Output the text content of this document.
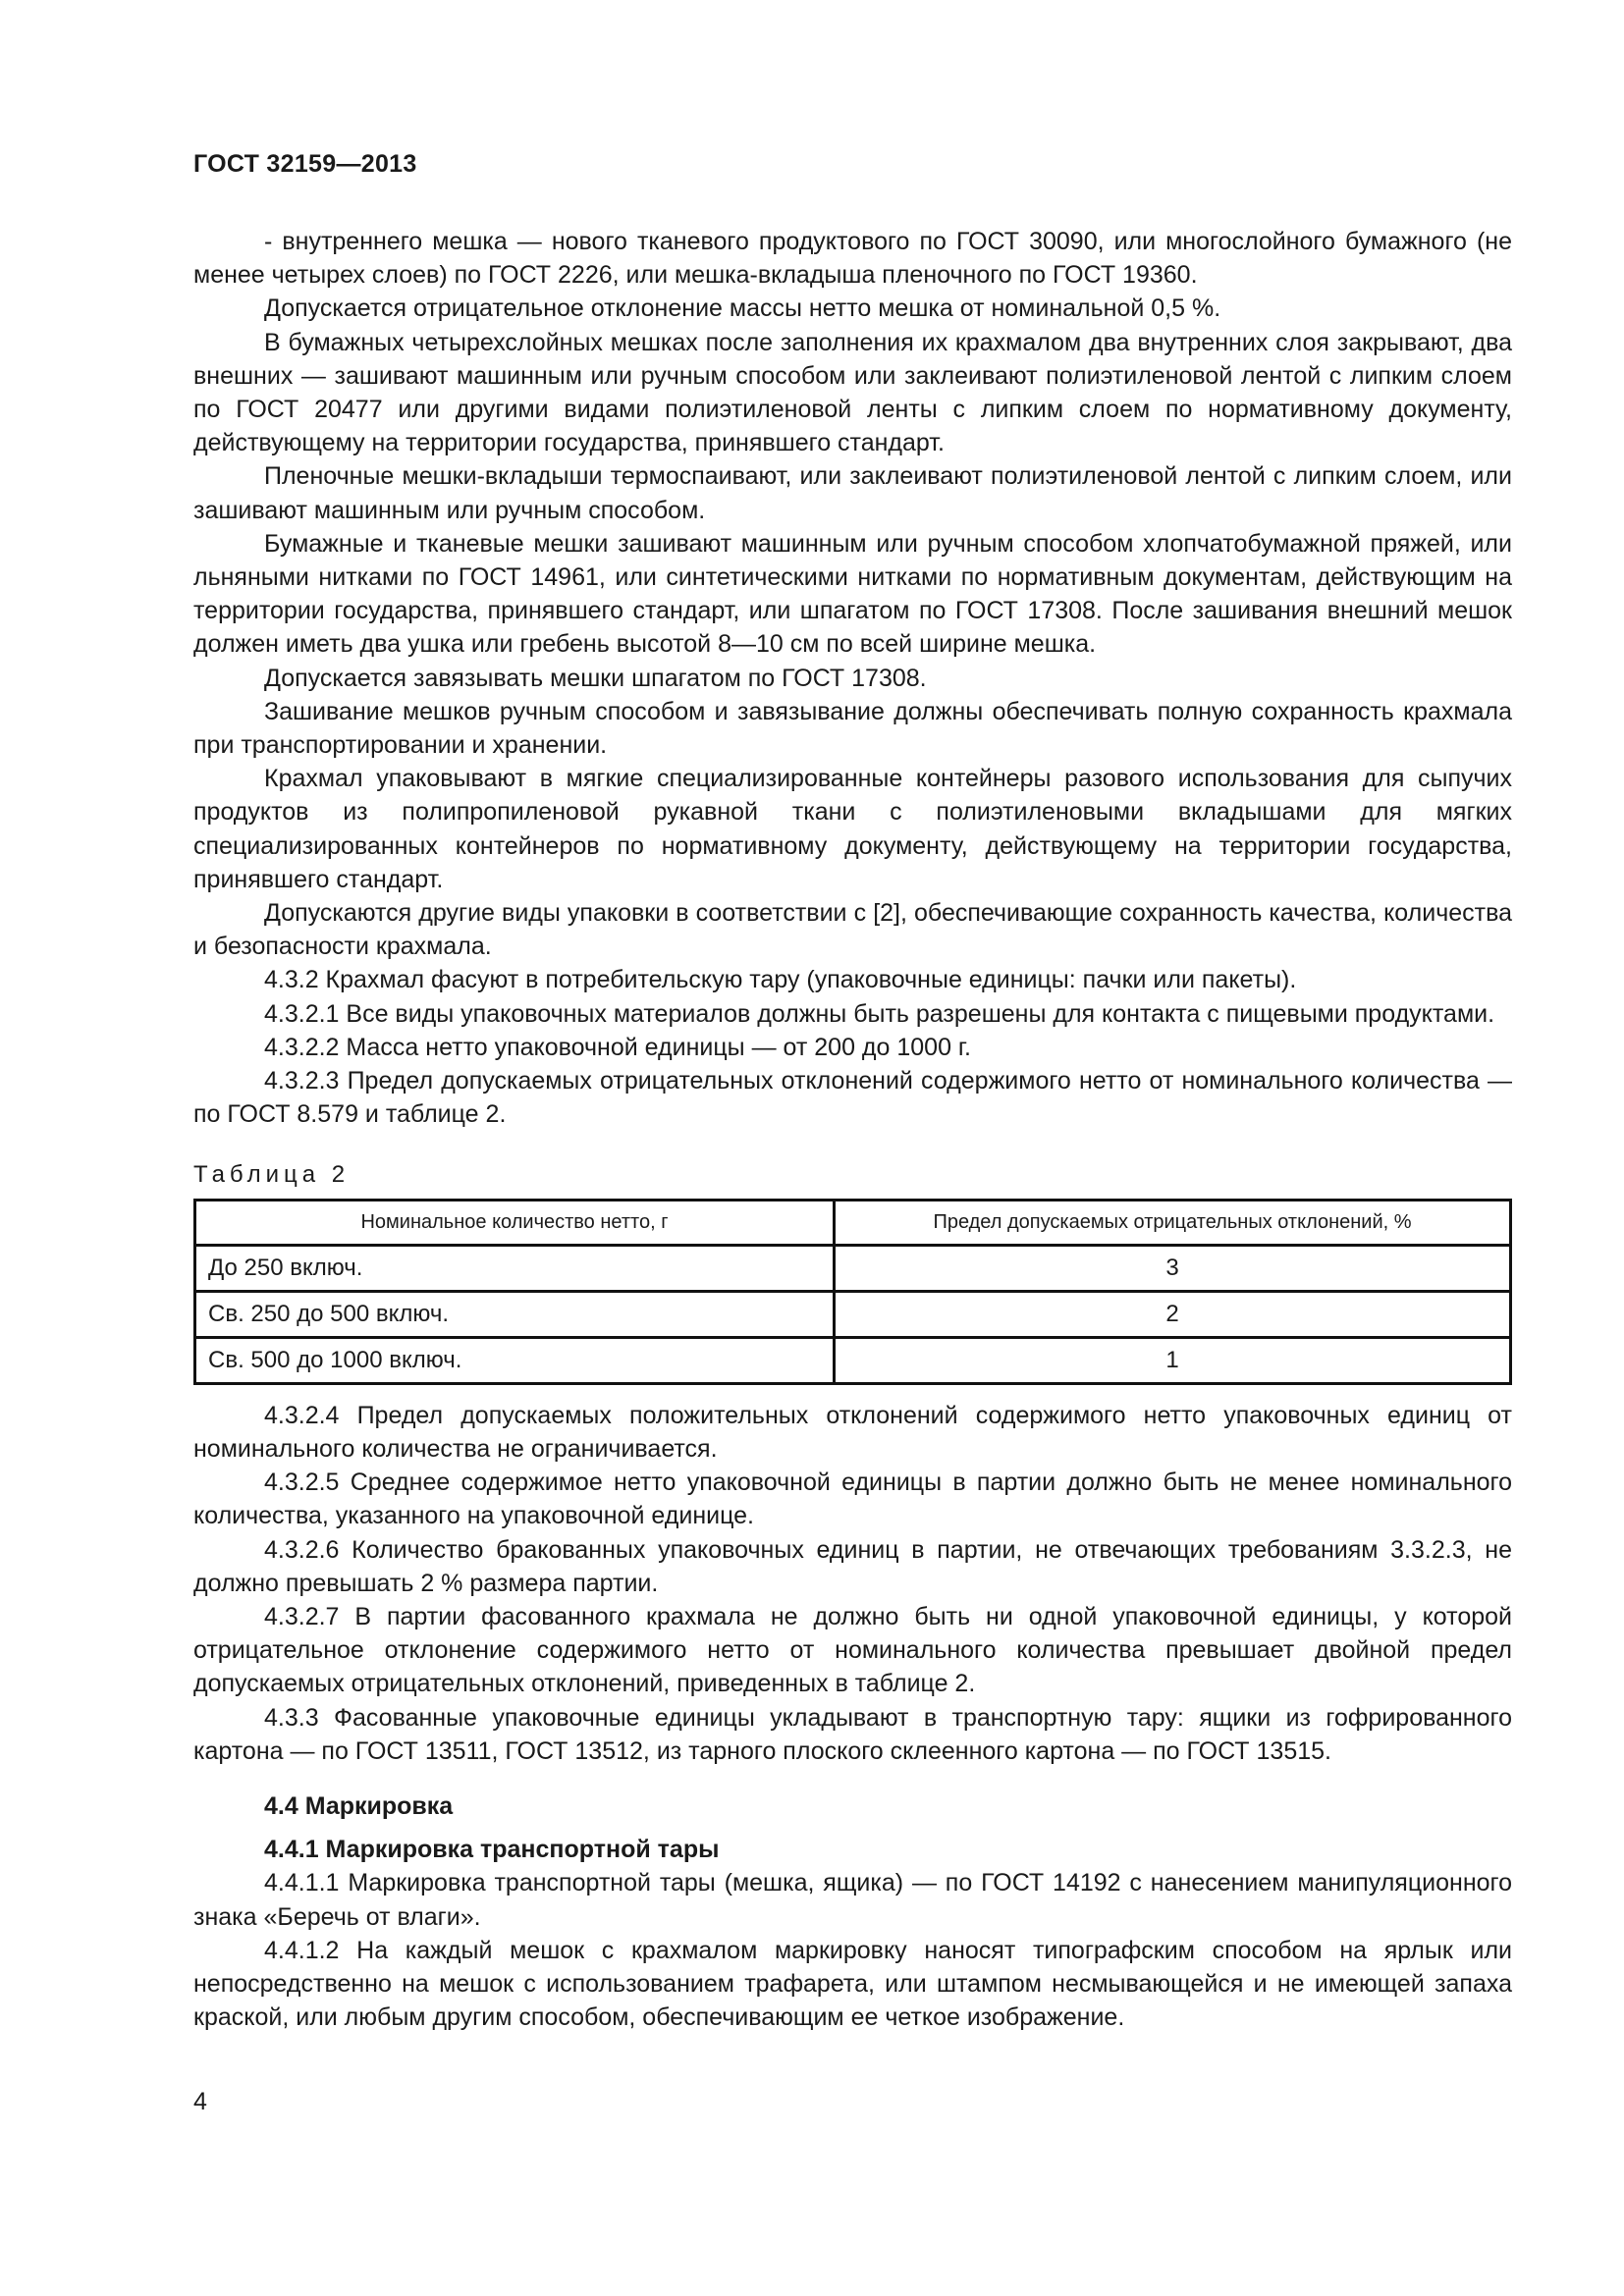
ГОСТ 32159—2013

- внутреннего мешка — нового тканевого продуктового по ГОСТ 30090, или многослойного бумажного (не менее четырех слоев) по ГОСТ 2226, или мешка-вкладыша пленочного по ГОСТ 19360.

Допускается отрицательное отклонение массы нетто мешка от номинальной 0,5 %.

В бумажных четырехслойных мешках после заполнения их крахмалом два внутренних слоя закрывают, два внешних — зашивают машинным или ручным способом или заклеивают полиэтиленовой лентой с липким слоем по ГОСТ 20477 или другими видами полиэтиленовой ленты с липким слоем по нормативному документу, действующему на территории государства, принявшего стандарт.

Пленочные мешки-вкладыши термоспаивают, или заклеивают полиэтиленовой лентой с липким слоем, или зашивают машинным или ручным способом.

Бумажные и тканевые мешки зашивают машинным или ручным способом хлопчатобумажной пряжей, или льняными нитками по ГОСТ 14961, или синтетическими нитками по нормативным документам, действующим на территории государства, принявшего стандарт, или шпагатом по ГОСТ 17308. После зашивания внешний мешок должен иметь два ушка или гребень высотой 8—10 см по всей ширине мешка.

Допускается завязывать мешки шпагатом по ГОСТ 17308.

Зашивание мешков ручным способом и завязывание должны обеспечивать полную сохранность крахмала при транспортировании и хранении.

Крахмал упаковывают в мягкие специализированные контейнеры разового использования для сыпучих продуктов из полипропиленовой рукавной ткани с полиэтиленовыми вкладышами для мягких специализированных контейнеров по нормативному документу, действующему на территории государства, принявшего стандарт.

Допускаются другие виды упаковки в соответствии с [2], обеспечивающие сохранность качества, количества и безопасности крахмала.

4.3.2 Крахмал фасуют в потребительскую тару (упаковочные единицы: пачки или пакеты).

4.3.2.1 Все виды упаковочных материалов должны быть разрешены для контакта с пищевыми продуктами.

4.3.2.2 Масса нетто упаковочной единицы — от 200 до 1000 г.

4.3.2.3 Предел допускаемых отрицательных отклонений содержимого нетто от номинального количества — по ГОСТ 8.579 и таблице 2.

Таблица 2
Номинальное количество нетто, г	Предел допускаемых отрицательных отклонений, %
До 250 включ.	3
Св. 250 до 500 включ.	2
Св. 500 до 1000 включ.	1

4.3.2.4 Предел допускаемых положительных отклонений содержимого нетто упаковочных единиц от номинального количества не ограничивается.

4.3.2.5 Среднее содержимое нетто упаковочной единицы в партии должно быть не менее номинального количества, указанного на упаковочной единице.

4.3.2.6 Количество бракованных упаковочных единиц в партии, не отвечающих требованиям 3.3.2.3, не должно превышать 2 % размера партии.

4.3.2.7 В партии фасованного крахмала не должно быть ни одной упаковочной единицы, у которой отрицательное отклонение содержимого нетто от номинального количества превышает двойной предел допускаемых отрицательных отклонений, приведенных в таблице 2.

4.3.3 Фасованные упаковочные единицы укладывают в транспортную тару: ящики из гофрированного картона — по ГОСТ 13511, ГОСТ 13512, из тарного плоского склеенного картона — по ГОСТ 13515.

4.4 Маркировка

4.4.1 Маркировка транспортной тары

4.4.1.1 Маркировка транспортной тары (мешка, ящика) — по ГОСТ 14192 с нанесением манипуляционного знака «Беречь от влаги».

4.4.1.2 На каждый мешок с крахмалом маркировку наносят типографским способом на ярлык или непосредственно на мешок с использованием трафарета, или штампом несмывающейся и не имеющей запаха краской, или любым другим способом, обеспечивающим ее четкое изображение.

4
